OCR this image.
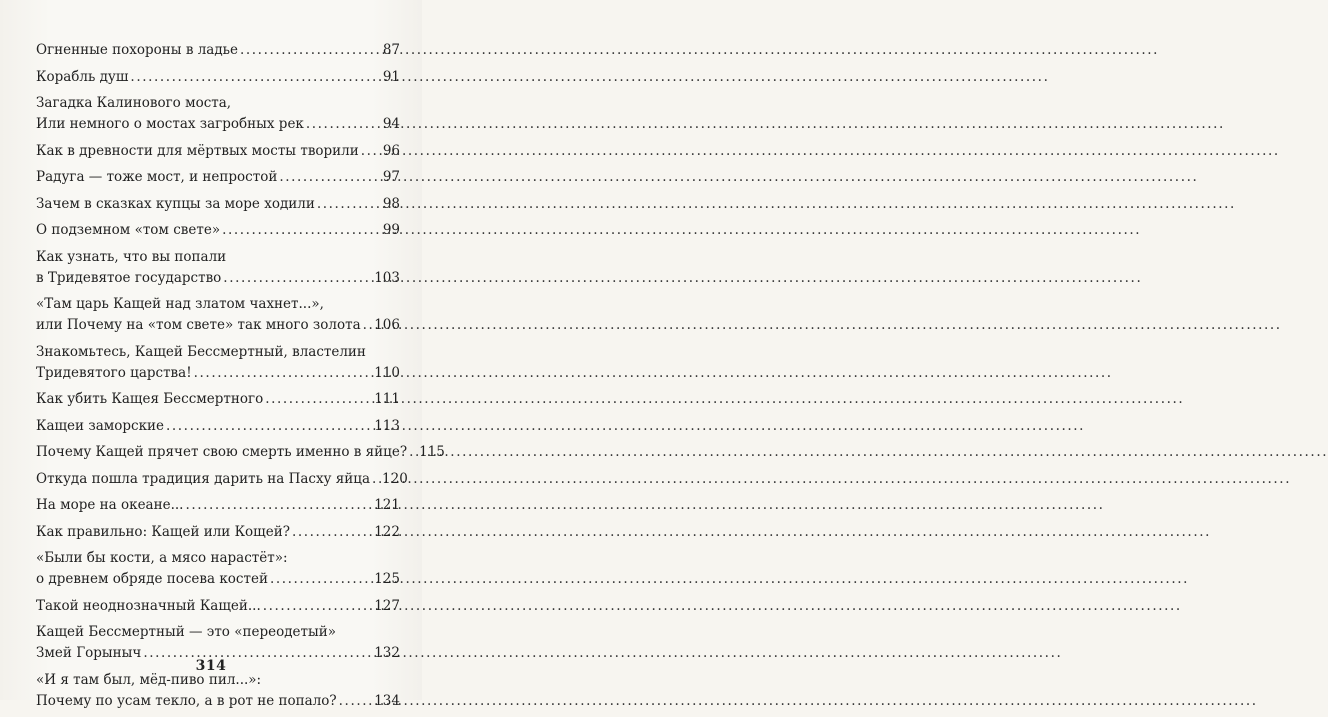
Огненные похороны в ладье .....	87
Корабль душ .....	91
Загадка Калинового моста,
Или немного о мостах загробных рек .....	94
Как в древности для мёртвых мосты творили ..... 96
Радуга — тоже мост, и непростой .....	97
Зачем в сказках купцы за море ходили .....	98
О подземном «том свете» .....	99
Как узнать, что вы попали
в Тридевятое государство .....	103
«Там царь Кащей над златом чахнет...»,
или Почему на «том свете» так много золота ..... 106
Знакомьтесь, Кащей Бессмертный, властелин
Тридевятого царства! .....	110
Как убить Кащея Бессмертного .....	111
Кащеи заморские .....	113
Почему Кащей прячет свою смерть именно в яйце? ..... 115
Откуда пошла традиция дарить на Пасху яйца ..... 120
На море на океане... .....	121
Как правильно: Кащей или Кощей? .....	122
«Были бы кости, а мясо нарастёт»:
о древнем обряде посева костей .....	125
Такой неоднозначный Кащей... .....	127
Кащей Бессмертный — это «переодетый»
Змей Горыныч .....	132
«И я там был, мёд-пиво пил...»:
Почему по усам текло, а в рот не попало? .....	134
314
